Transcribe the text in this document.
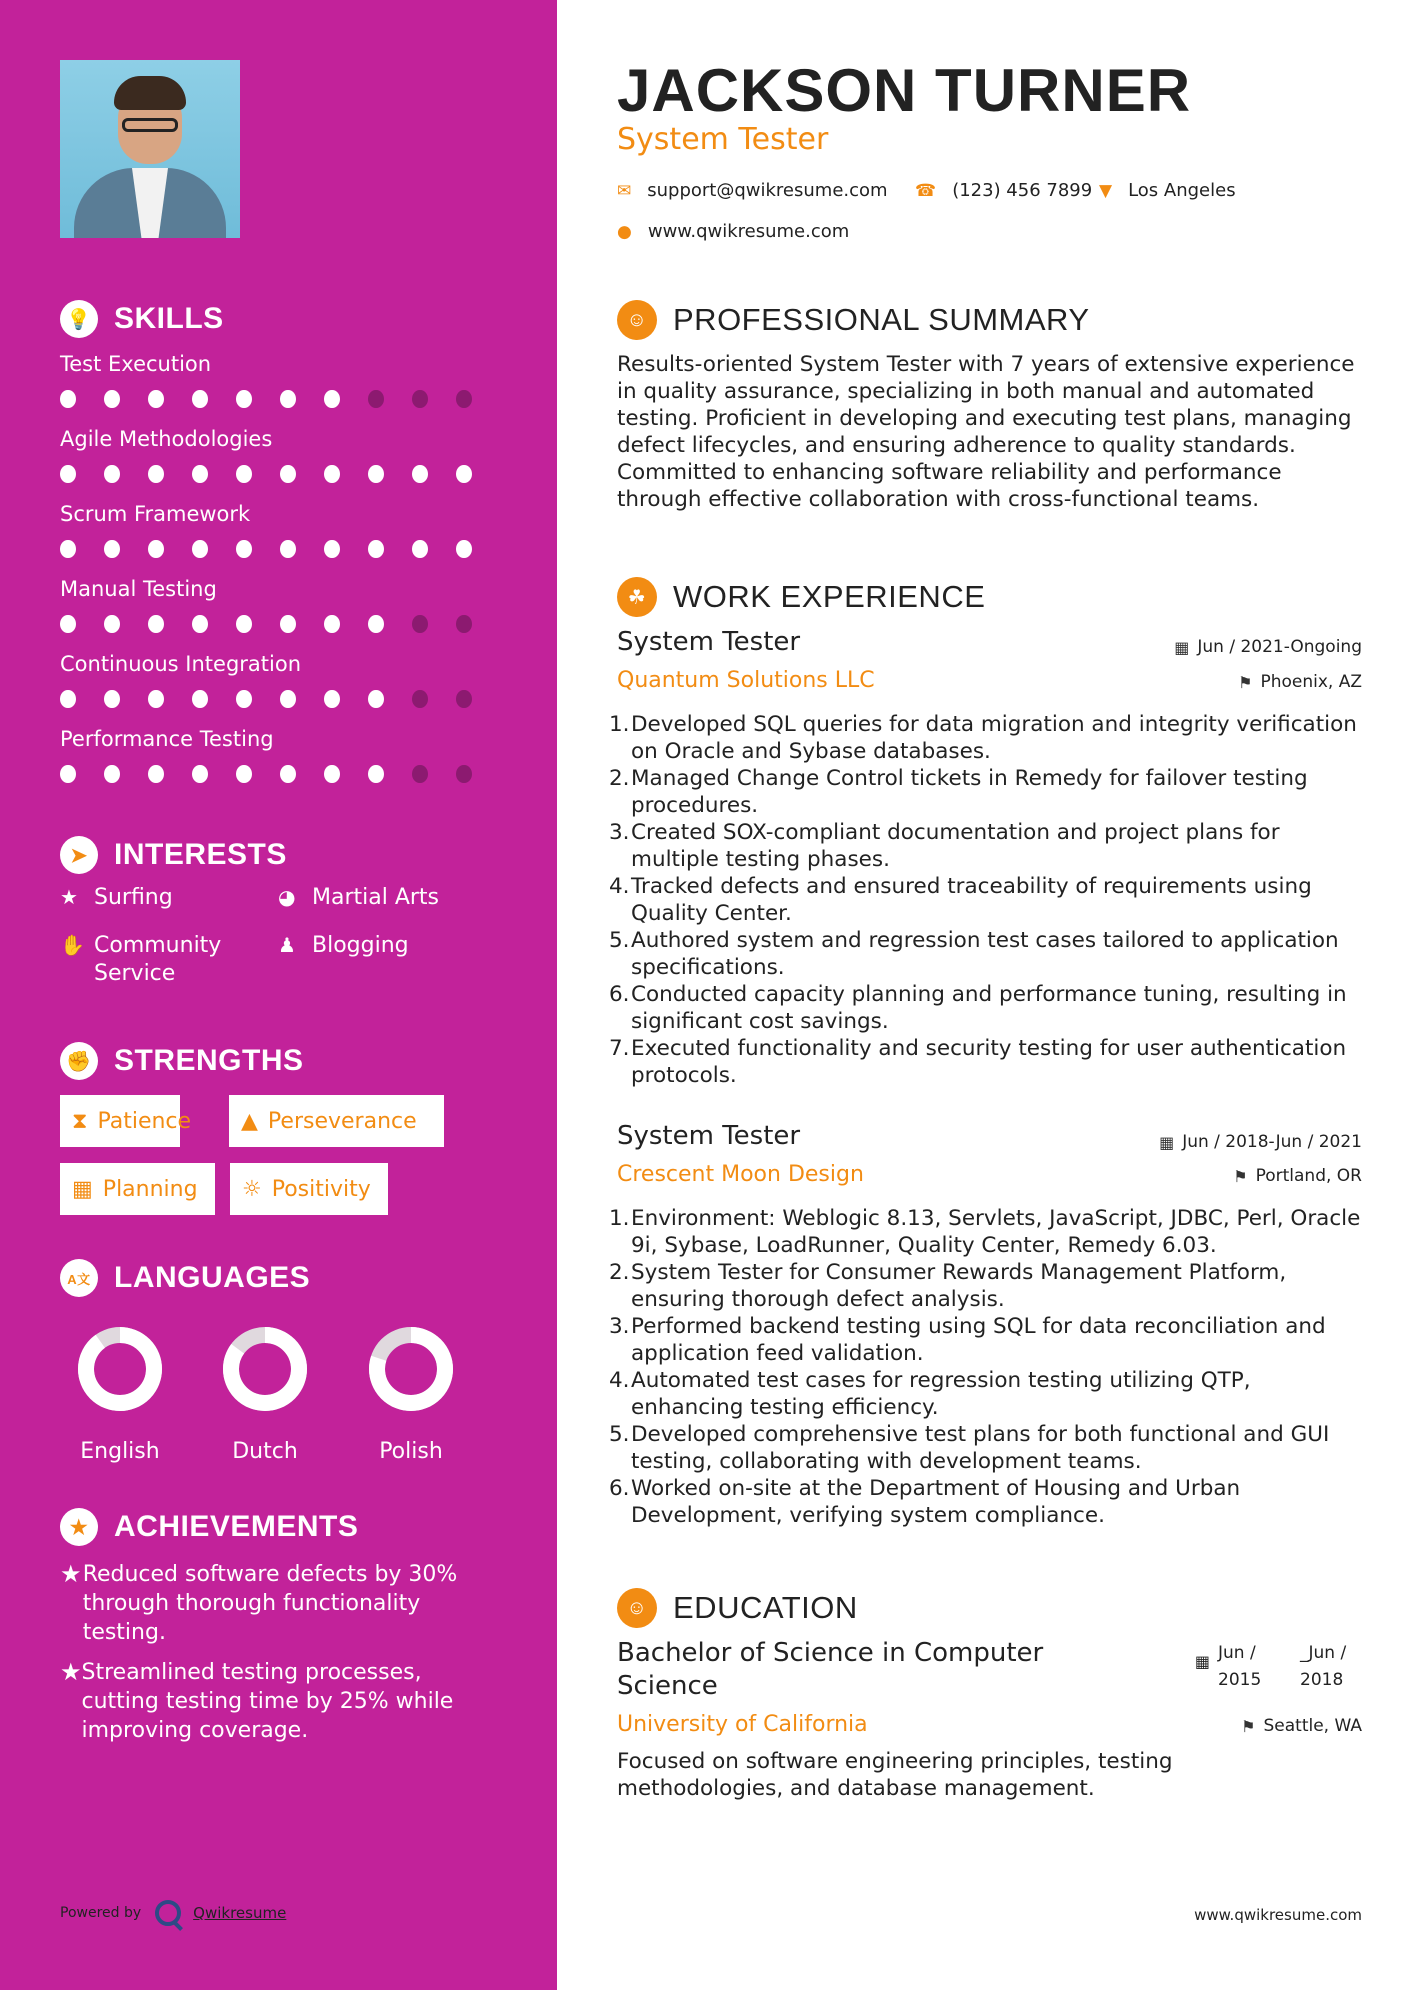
💡 SKILLS
Test Execution
Agile Methodologies
Scrum Framework
Manual Testing
Continuous Integration
Performance Testing
➤ INTERESTS
★ Surfing	◕ Martial Arts
✋ Community Service
♟ Blogging
✊ STRENGTHS
⧗ Patience ▲ Perseverance
▦ Planning ☼ Positivity
A文 LANGUAGES
English	Dutch	Polish
★ ACHIEVEMENTS
★ Reduced software defects by 30% through thorough functionality testing.
★ Streamlined testing processes, cutting testing time by 25% while improving coverage.
Powered by	Qwikresume
JACKSON TURNER
System Tester
✉ support@qwikresume.com ☎ (123) 456 7899 ▼ Los Angeles
● www.qwikresume.com
☺ PROFESSIONAL SUMMARY
Results-oriented System Tester with 7 years of extensive experience in quality assurance, specializing in both manual and automated testing. Proficient in developing and executing test plans, managing defect lifecycles, and ensuring adherence to quality standards. Committed to enhancing software reliability and performance through effective collaboration with cross-functional teams.
☘ WORK EXPERIENCE
System Tester
Quantum Solutions LLC
▦ Jun / 2021-Ongoing
⚑ Phoenix, AZ
1. Developed SQL queries for data migration and integrity verification on Oracle and Sybase databases.
2. Managed Change Control tickets in Remedy for failover testing procedures.
3. Created SOX-compliant documentation and project plans for multiple testing phases.
4. Tracked defects and ensured traceability of requirements using Quality Center.
5. Authored system and regression test cases tailored to application specifications.
6. Conducted capacity planning and performance tuning, resulting in significant cost savings.
7. Executed functionality and security testing for user authentication protocols.
System Tester
Crescent Moon Design
▦ Jun / 2018-Jun / 2021
⚑ Portland, OR
1. Environment: Weblogic 8.13, Servlets, JavaScript, JDBC, Perl, Oracle 9i, Sybase, LoadRunner, Quality Center, Remedy 6.03.
2. System Tester for Consumer Rewards Management Platform, ensuring thorough defect analysis.
3. Performed backend testing using SQL for data reconciliation and application feed validation.
4. Automated test cases for regression testing utilizing QTP, enhancing testing efficiency.
5. Developed comprehensive test plans for both functional and GUI testing, collaborating with development teams.
6. Worked on-site at the Department of Housing and Urban Development, verifying system compliance.
☺ EDUCATION
Bachelor of Science in Computer Science
▦ Jun / 2015
_Jun / 2018
University of California	⚑ Seattle, WA
Focused on software engineering principles, testing methodologies, and database management.
www.qwikresume.com
